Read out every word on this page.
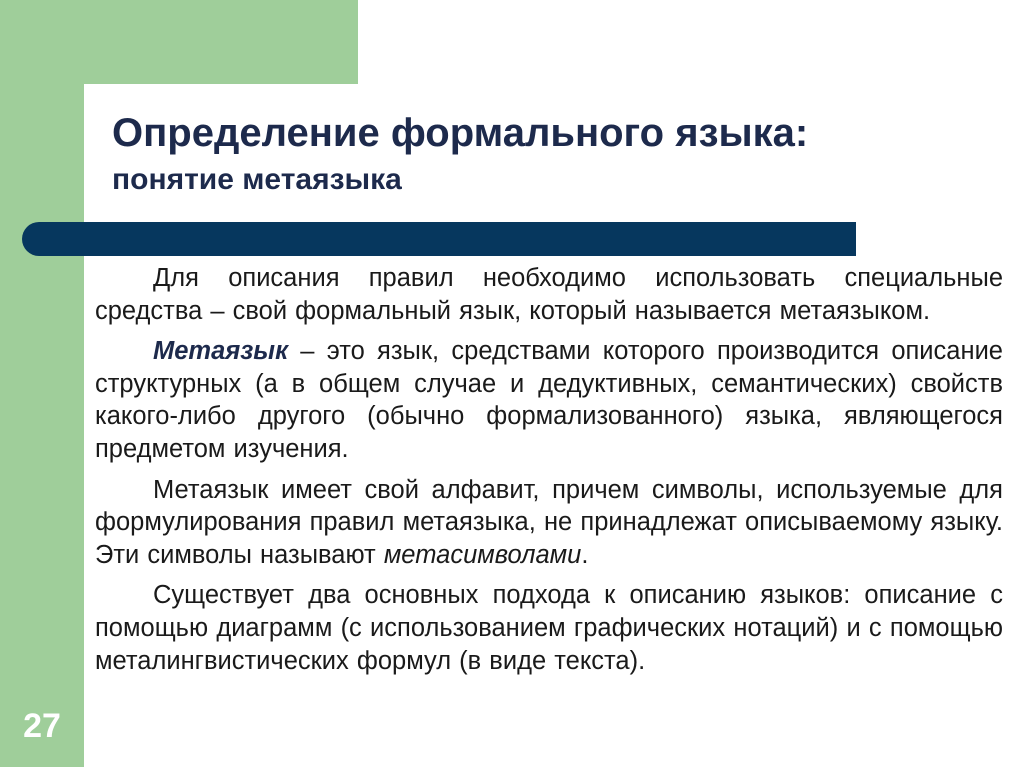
27
Определение формального языка:
понятие метаязыка

Для описания правил необходимо использовать специальные средства – свой формальный язык, который называется метаязыком.

Метаязык – это язык, средствами которого производится описание структурных (а в общем случае и дедуктивных, семантических) свойств какого-либо другого (обычно формализованного) языка, являющегося предметом изучения.

Метаязык имеет свой алфавит, причем символы, используемые для формулирования правил метаязыка, не принадлежат описываемому языку. Эти символы называют метасимволами.

Существует два основных подхода к описанию языков: описание с помощью диаграмм (с использованием графических нотаций) и с помощью металингвистических формул (в виде текста).
